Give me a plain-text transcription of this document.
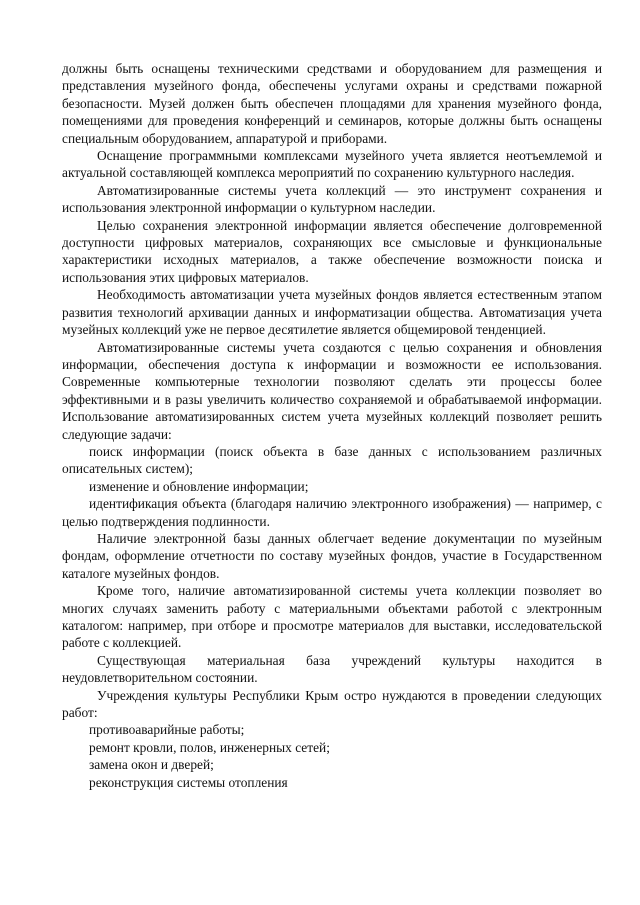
должны быть оснащены техническими средствами и оборудованием для размещения и представления музейного фонда, обеспечены услугами охраны и средствами пожарной безопасности. Музей должен быть обеспечен площадями для хранения музейного фонда, помещениями для проведения конференций и семинаров, которые должны быть оснащены специальным оборудованием, аппаратурой и приборами.

Оснащение программными комплексами музейного учета является неотъемлемой и актуальной составляющей комплекса мероприятий по сохранению культурного наследия.

Автоматизированные системы учета коллекций — это инструмент сохранения и использования электронной информации о культурном наследии.

Целью сохранения электронной информации является обеспечение долговременной доступности цифровых материалов, сохраняющих все смысловые и функциональные характеристики исходных материалов, а также обеспечение возможности поиска и использования этих цифровых материалов.

Необходимость автоматизации учета музейных фондов является естественным этапом развития технологий архивации данных и информатизации общества. Автоматизация учета музейных коллекций уже не первое десятилетие является общемировой тенденцией.

Автоматизированные системы учета создаются с целью сохранения и обновления информации, обеспечения доступа к информации и возможности ее использования. Современные компьютерные технологии позволяют сделать эти процессы более эффективными и в разы увеличить количество сохраняемой и обрабатываемой информации. Использование автоматизированных систем учета музейных коллекций позволяет решить следующие задачи:

поиск информации (поиск объекта в базе данных с использованием различных описательных систем);

изменение и обновление информации;

идентификация объекта (благодаря наличию электронного изображения) — например, с целью подтверждения подлинности.

Наличие электронной базы данных облегчает ведение документации по музейным фондам, оформление отчетности по составу музейных фондов, участие в Государственном каталоге музейных фондов.

Кроме того, наличие автоматизированной системы учета коллекции позволяет во многих случаях заменить работу с материальными объектами работой с электронным каталогом: например, при отборе и просмотре материалов для выставки, исследовательской работе с коллекцией.

Существующая материальная база учреждений культуры находится в неудовлетворительном состоянии.

Учреждения культуры Республики Крым остро нуждаются в проведении следующих работ:

противоаварийные работы;

ремонт кровли, полов, инженерных сетей;

замена окон и дверей;

реконструкция системы отопления
